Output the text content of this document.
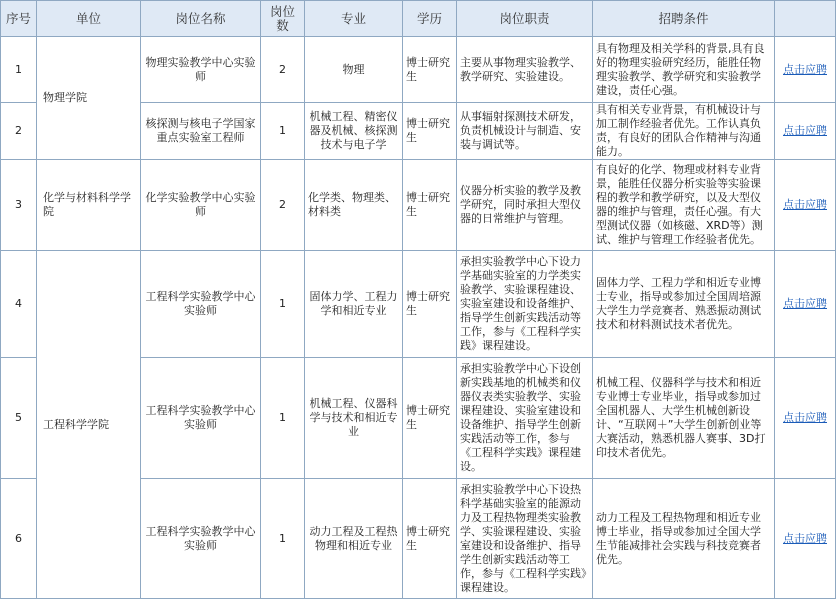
序号	单位	岗位名称	岗位数	专业	学历	岗位职责	招聘条件	
1	物理学院	物理实验教学中心实验师	2	物理	博士研究生	主要从事物理实验教学、教学研究、实验建设。	具有物理及相关学科的背景,具有良好的物理实验研究经历，能胜任物理实验教学、教学研究和实验教学建设，责任心强。	点击应聘
2		核探测与核电子学国家重点实验室工程师	1	机械工程、精密仪器及机械、核探测技术与电子学	博士研究生	从事辐射探测技术研发，负责机械设计与制造、安装与调试等。	具有相关专业背景，有机械设计与加工制作经验者优先。工作认真负责，有良好的团队合作精神与沟通能力。	点击应聘
3	化学与材料科学学院	化学实验教学中心实验师	2	化学类、物理类、材料类	博士研究生	仪器分析实验的教学及教学研究，同时承担大型仪器的日常维护与管理。	有良好的化学、物理或材料专业背景，能胜任仪器分析实验等实验课程的教学和教学研究，以及大型仪器的维护与管理，责任心强。有大型测试仪器（如核磁、XRD等）测试、维护与管理工作经验者优先。	点击应聘
4	工程科学学院	工程科学实验教学中心实验师	1	固体力学、工程力学和相近专业	博士研究生	承担实验教学中心下设力学基础实验室的力学类实验教学、实验课程建设、实验室建设和设备维护、指导学生创新实践活动等工作，参与《工程科学实践》课程建设。	固体力学、工程力学和相近专业博士专业，指导或参加过全国周培源大学生力学竞赛者、熟悉振动测试技术和材料测试技术者优先。	点击应聘
5		工程科学实验教学中心实验师	1	机械工程、仪器科学与技术和相近专业	博士研究生	承担实验教学中心下设创新实践基地的机械类和仪器仪表类实验教学、实验课程建设、实验室建设和设备维护、指导学生创新实践活动等工作，参与《工程科学实践》课程建设。	机械工程、仪器科学与技术和相近专业博士专业毕业，指导或参加过全国机器人、大学生机械创新设计、“互联网＋”大学生创新创业等大赛活动，熟悉机器人赛事、3D打印技术者优先。	点击应聘
6		工程科学实验教学中心实验师	1	动力工程及工程热物理和相近专业	博士研究生	承担实验教学中心下设热科学基础实验室的能源动力及工程热物理类实验教学、实验课程建设、实验室建设和设备维护、指导学生创新实践活动等工作，参与《工程科学实践》课程建设。	动力工程及工程热物理和相近专业博士毕业，指导或参加过全国大学生节能减排社会实践与科技竞赛者优先。	点击应聘
